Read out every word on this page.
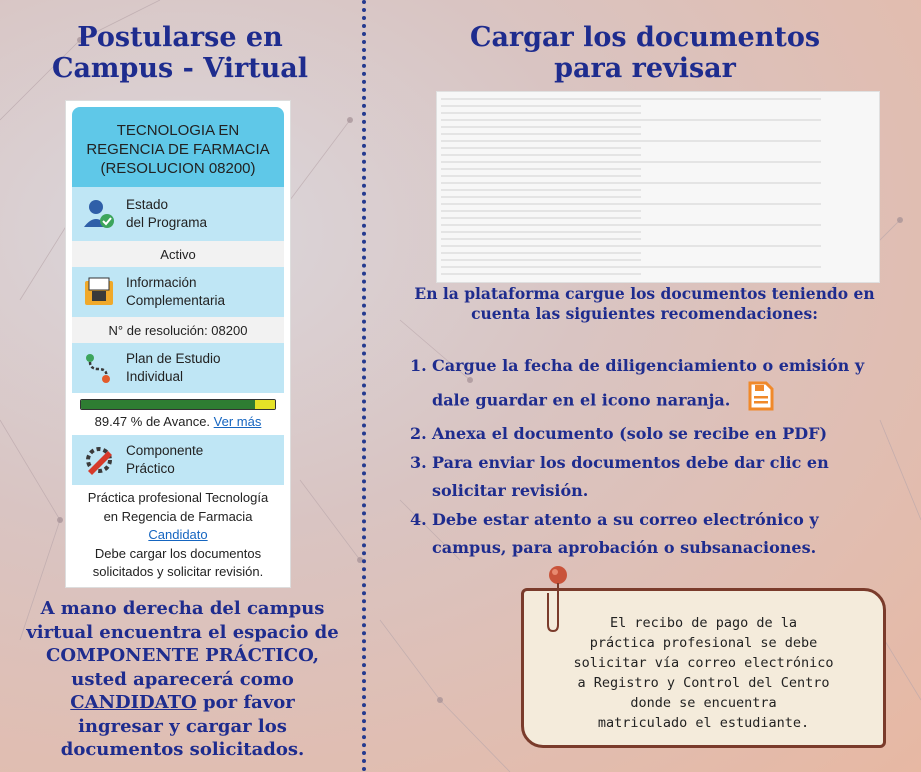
Postularse en
Campus - Virtual
TECNOLOGIA EN
REGENCIA DE FARMACIA
(RESOLUCION 08200)
Estado
del Programa
Activo
Información
Complementaria
N° de resolución: 08200
Plan de Estudio
Individual
89.47 % de Avance. Ver más
Componente
Práctico
Práctica profesional Tecnología
en Regencia de Farmacia
Candidato
Debe cargar los documentos
solicitados y solicitar revisión.
A mano derecha del campus
virtual encuentra el espacio de
COMPONENTE PRÁCTICO,
usted aparecerá como
CANDIDATO por favor
ingresar y cargar los
documentos solicitados.
Cargar los documentos
para revisar
En la plataforma cargue los documentos teniendo en
cuenta las siguientes recomendaciones:
1. Cargue la fecha de diligenciamiento o emisión y
dale guardar en el icono naranja.
2. Anexa el documento (solo se recibe en PDF)
3. Para enviar los documentos debe dar clic en
solicitar revisión.
4. Debe estar atento a su correo electrónico y
campus, para aprobación o subsanaciones.
El recibo de pago de la
práctica profesional se debe
solicitar vía correo electrónico
a Registro y Control del Centro
donde se encuentra
matriculado el estudiante.
